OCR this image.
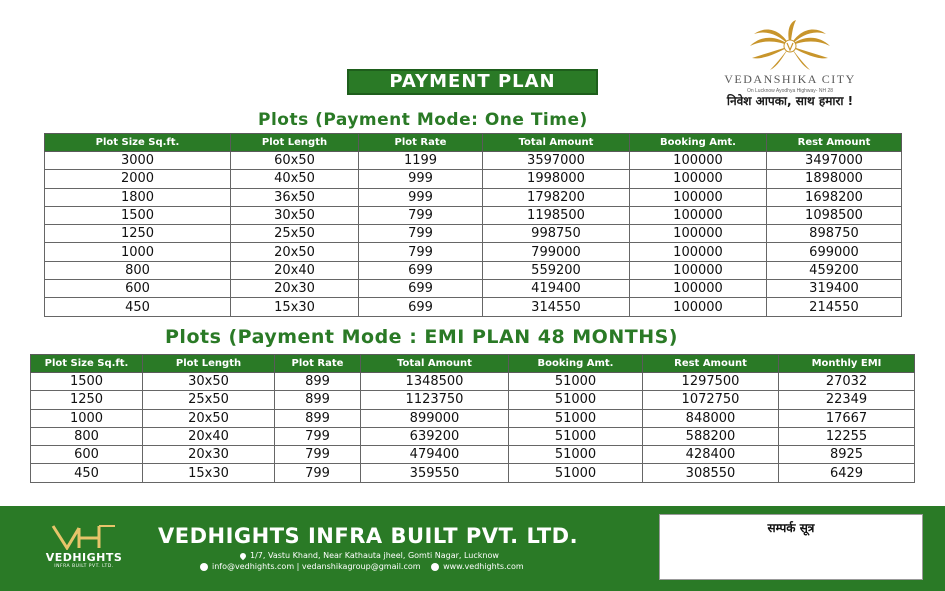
PAYMENT PLAN	VEDANSHIKA CITY
On Lucknow Ayodhya Highway- NH 28
निवेश आपका, साथ हमारा !
Plots (Payment Mode: One Time)
Plot Size Sq.ft.	Plot Length	Plot Rate	Total Amount	Booking Amt.	Rest Amount
3000	60x50	1199	3597000	100000	3497000
2000	40x50	999	1998000	100000	1898000
1800	36x50	999	1798200	100000	1698200
1500	30x50	799	1198500	100000	1098500
1250	25x50	799	998750	100000	898750
1000	20x50	799	799000	100000	699000
800	20x40	699	559200	100000	459200
600	20x30	699	419400	100000	319400
450	15x30	699	314550	100000	214550
Plots (Payment Mode : EMI PLAN 48 MONTHS)
Plot Size Sq.ft.	Plot Length	Plot Rate	Total Amount	Booking Amt.	Rest Amount	Monthly EMI
1500	30x50	899	1348500	51000	1297500	27032
1250	25x50	899	1123750	51000	1072750	22349
1000	20x50	899	899000	51000	848000	17667
800	20x40	799	639200	51000	588200	12255
600	20x30	799	479400	51000	428400	8925
450	15x30	799	359550	51000	308550	6429
VEDHIGHTS
INFRA BUILT PVT. LTD.
VEDHIGHTS INFRA BUILT PVT. LTD.
1/7, Vastu Khand, Near Kathauta jheel, Gomti Nagar, Lucknow
info@vedhights.com | vedanshikagroup@gmail.com	www.vedhights.com
सम्पर्क सूत्र
